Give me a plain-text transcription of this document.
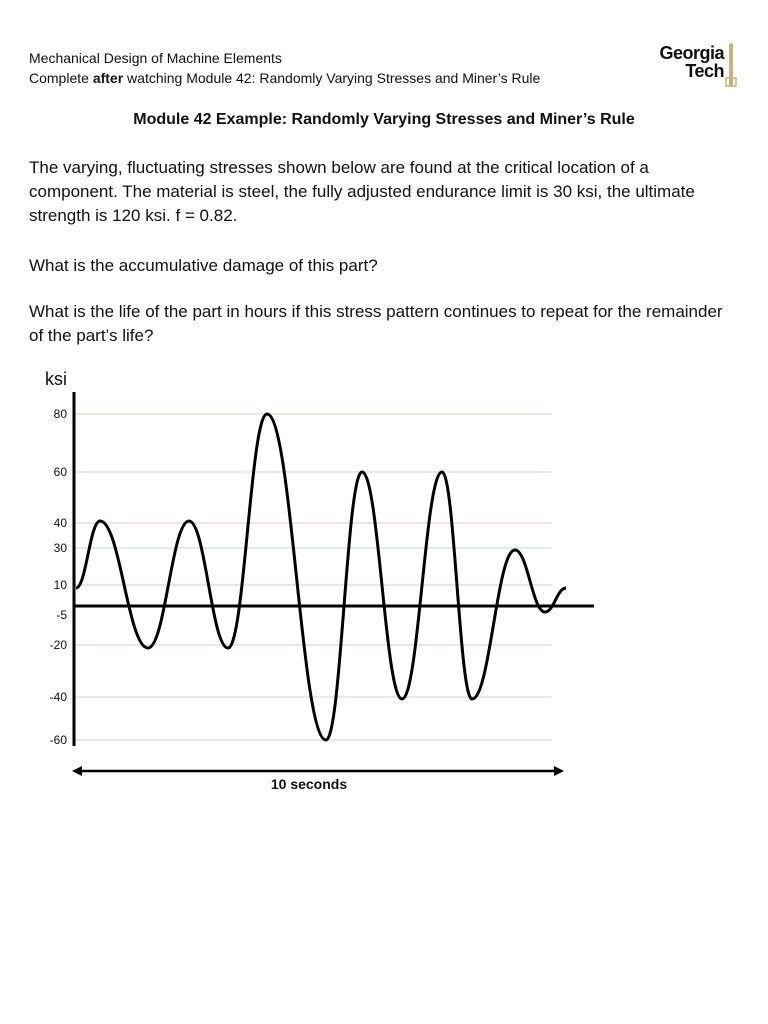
Mechanical Design of Machine Elements
Complete after watching Module 42: Randomly Varying Stresses and Miner’s Rule
Georgia
Tech
Module 42 Example: Randomly Varying Stresses and Miner’s Rule
The varying, fluctuating stresses shown below are found at the critical location of a component. The material is steel, the fully adjusted endurance limit is 30 ksi, the ultimate strength is 120 ksi. f = 0.82.
What is the accumulative damage of this part?
What is the life of the part in hours if this stress pattern continues to repeat for the remainder of the part’s life?
ksi
80
60
40
30
10
-5
-20
-40
-60
10 seconds
